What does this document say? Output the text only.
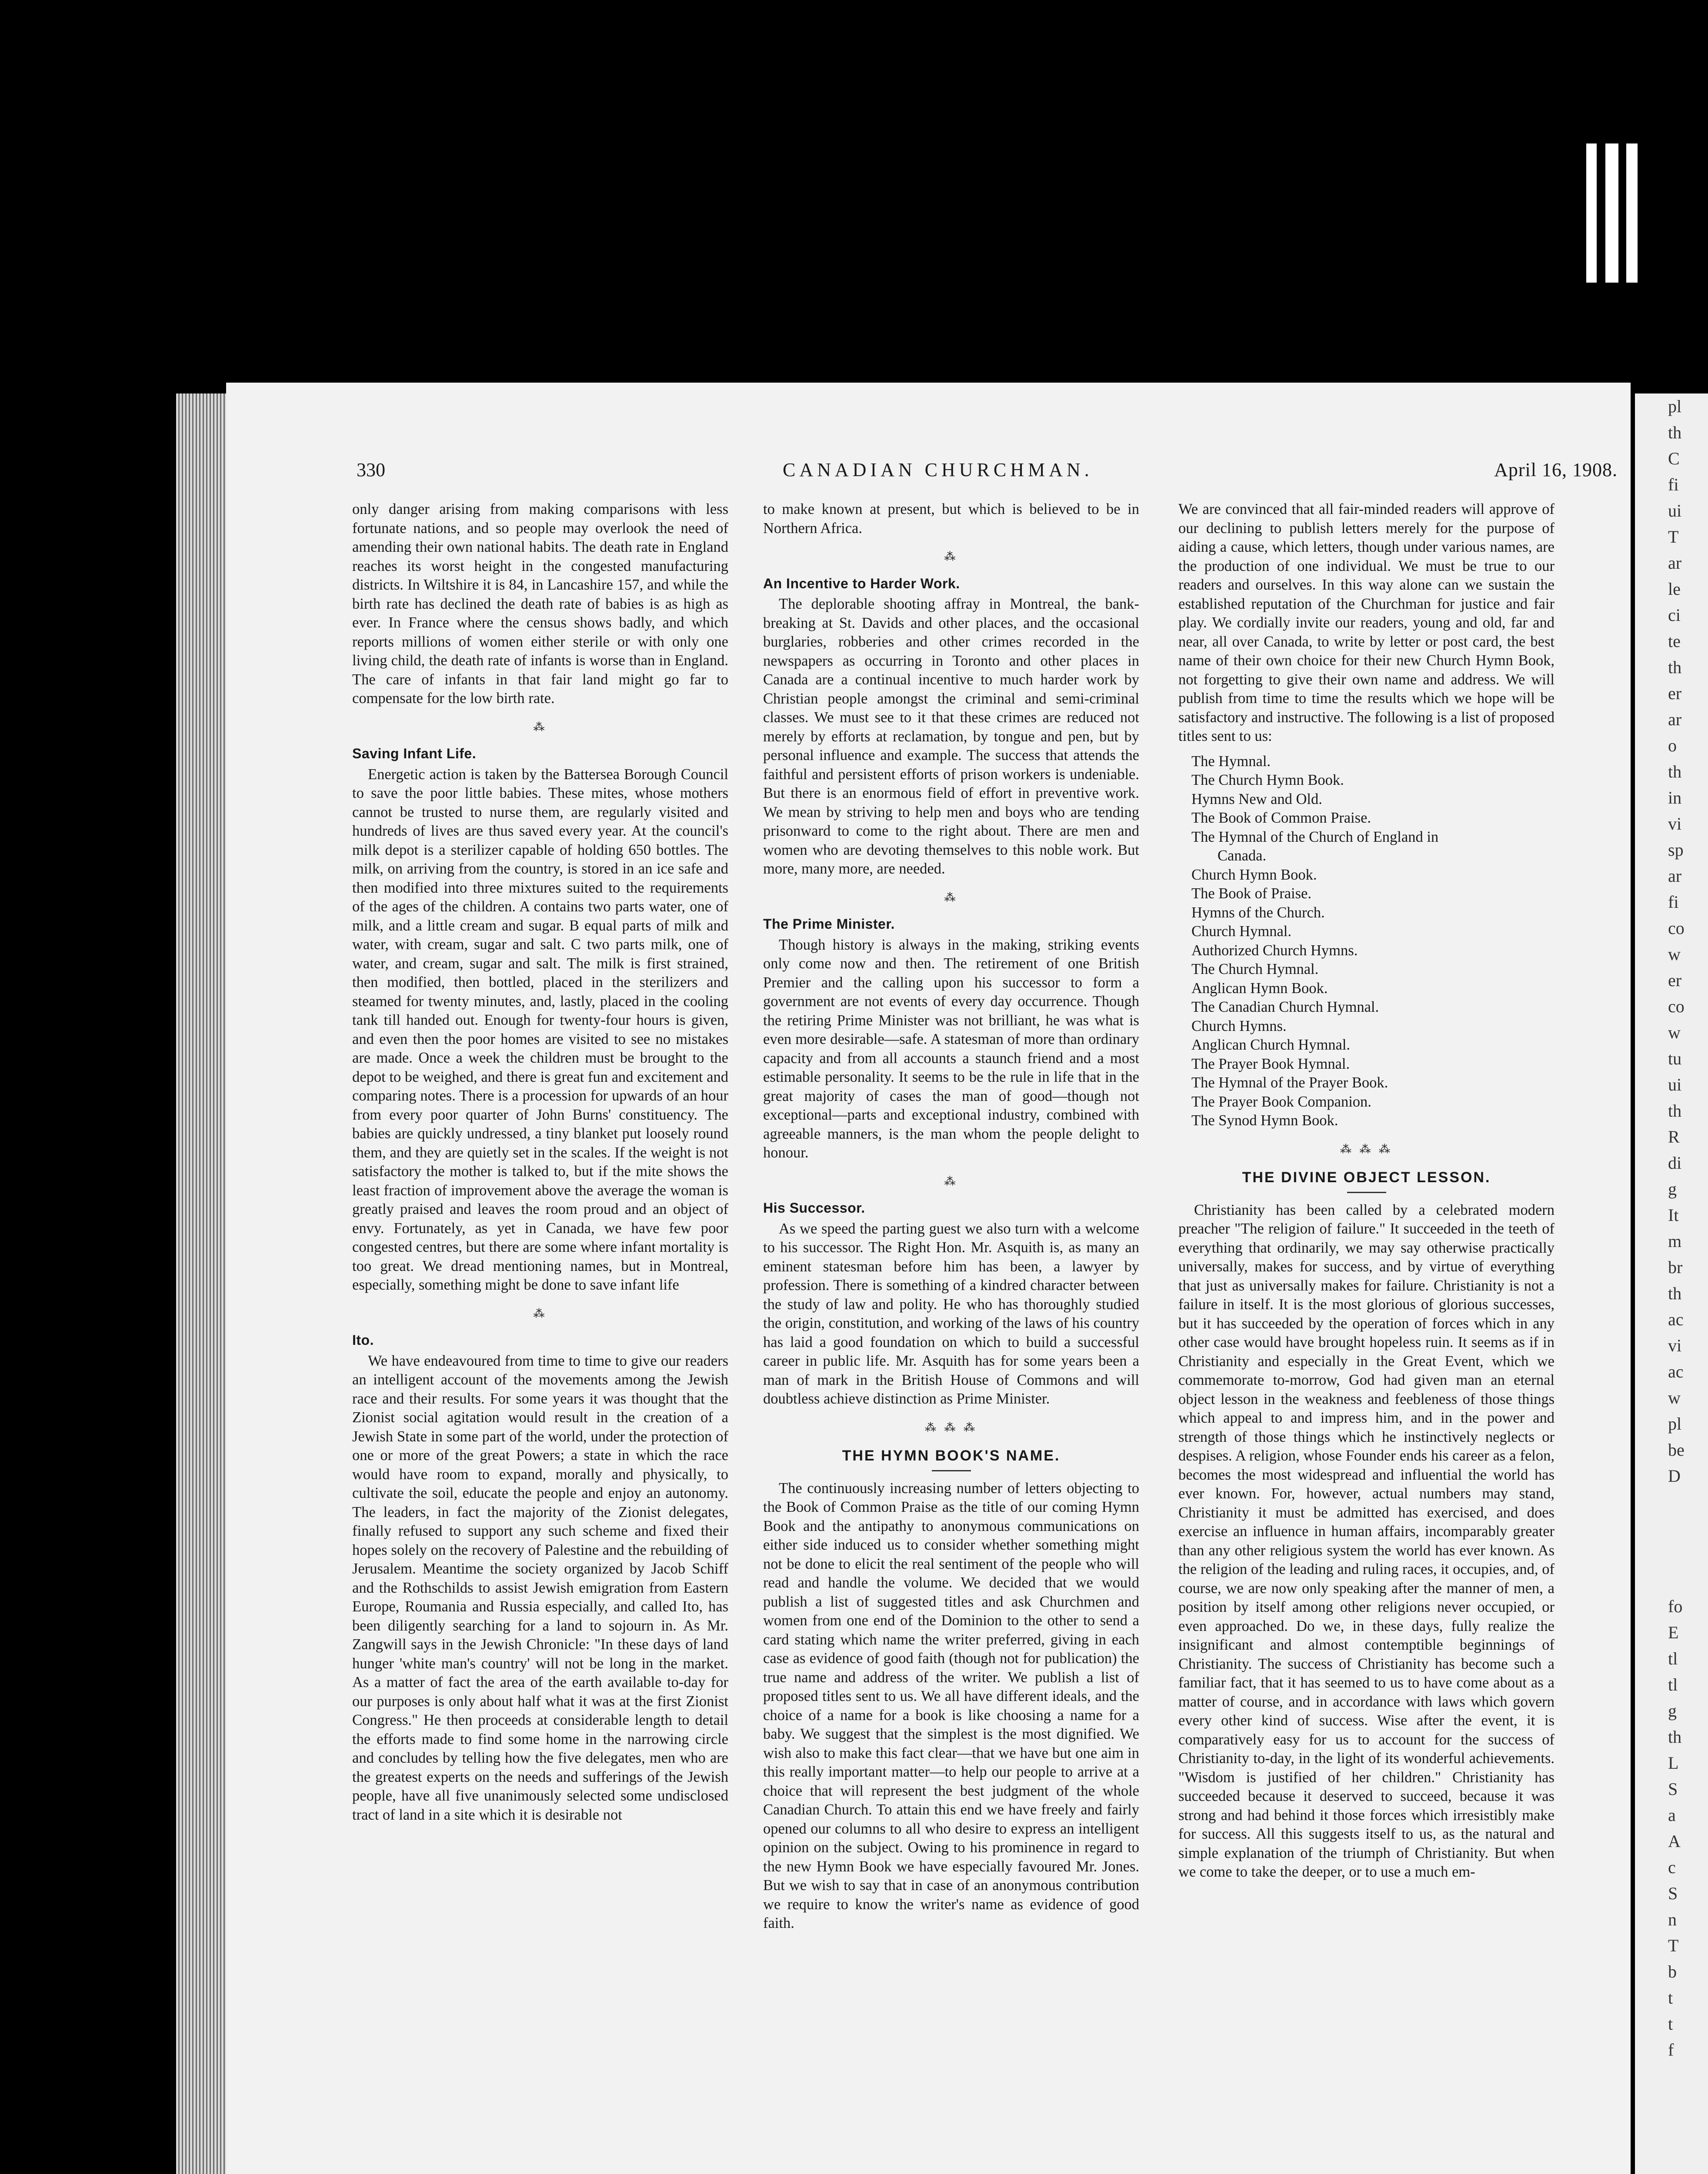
pl
th
C
fi
ui
T
ar
le
ci
te
th
er
ar
o
th
in
vi
sp
ar
fi
co
w
er
co
w
tu
ui
th
R
di
g
It
m
br
th
ac
vi
ac
w
pl
be
D

fo
E
tl
tl
g
th
L
S
a
A
c
S
n
T
b
t
t
f
330	CANADIAN CHURCHMAN.	April 16, 1908.

only danger arising from making comparisons with less fortunate nations, and so people may overlook the need of amending their own national habits. The death rate in England reaches its worst height in the congested manufacturing districts. In Wiltshire it is 84, in Lancashire 157, and while the birth rate has declined the death rate of babies is as high as ever. In France where the census shows badly, and which reports millions of women either sterile or with only one living child, the death rate of infants is worse than in England. The care of infants in that fair land might go far to compensate for the low birth rate.

⁂
Saving Infant Life.

Energetic action is taken by the Battersea Borough Council to save the poor little babies. These mites, whose mothers cannot be trusted to nurse them, are regularly visited and hundreds of lives are thus saved every year. At the council's milk depot is a sterilizer capable of holding 650 bottles. The milk, on arriving from the country, is stored in an ice safe and then modified into three mixtures suited to the requirements of the ages of the children. A contains two parts water, one of milk, and a little cream and sugar. B equal parts of milk and water, with cream, sugar and salt. C two parts milk, one of water, and cream, sugar and salt. The milk is first strained, then modified, then bottled, placed in the sterilizers and steamed for twenty minutes, and, lastly, placed in the cooling tank till handed out. Enough for twenty-four hours is given, and even then the poor homes are visited to see no mistakes are made. Once a week the children must be brought to the depot to be weighed, and there is great fun and excitement and comparing notes. There is a procession for upwards of an hour from every poor quarter of John Burns' constituency. The babies are quickly undressed, a tiny blanket put loosely round them, and they are quietly set in the scales. If the weight is not satisfactory the mother is talked to, but if the mite shows the least fraction of improvement above the average the woman is greatly praised and leaves the room proud and an object of envy. Fortunately, as yet in Canada, we have few poor congested centres, but there are some where infant mortality is too great. We dread mentioning names, but in Montreal, especially, something might be done to save infant life

⁂
Ito.

We have endeavoured from time to time to give our readers an intelligent account of the movements among the Jewish race and their results. For some years it was thought that the Zionist social agitation would result in the creation of a Jewish State in some part of the world, under the protection of one or more of the great Powers; a state in which the race would have room to expand, morally and physically, to cultivate the soil, educate the people and enjoy an autonomy. The leaders, in fact the majority of the Zionist delegates, finally refused to support any such scheme and fixed their hopes solely on the recovery of Palestine and the rebuilding of Jerusalem. Meantime the society organized by Jacob Schiff and the Rothschilds to assist Jewish emigration from Eastern Europe, Roumania and Russia especially, and called Ito, has been diligently searching for a land to sojourn in. As Mr. Zangwill says in the Jewish Chronicle: "In these days of land hunger 'white man's country' will not be long in the market. As a matter of fact the area of the earth available to-day for our purposes is only about half what it was at the first Zionist Congress." He then proceeds at considerable length to detail the efforts made to find some home in the narrowing circle and concludes by telling how the five delegates, men who are the greatest experts on the needs and sufferings of the Jewish people, have all five unanimously selected some undisclosed tract of land in a site which it is desirable not

to make known at present, but which is believed to be in Northern Africa.

⁂
An Incentive to Harder Work.

The deplorable shooting affray in Montreal, the bank-breaking at St. Davids and other places, and the occasional burglaries, robberies and other crimes recorded in the newspapers as occurring in Toronto and other places in Canada are a continual incentive to much harder work by Christian people amongst the criminal and semi-criminal classes. We must see to it that these crimes are reduced not merely by efforts at reclamation, by tongue and pen, but by personal influence and example. The success that attends the faithful and persistent efforts of prison workers is undeniable. But there is an enormous field of effort in preventive work. We mean by striving to help men and boys who are tending prisonward to come to the right about. There are men and women who are devoting themselves to this noble work. But more, many more, are needed.

⁂
The Prime Minister.

Though history is always in the making, striking events only come now and then. The retirement of one British Premier and the calling upon his successor to form a government are not events of every day occurrence. Though the retiring Prime Minister was not brilliant, he was what is even more desirable—safe. A statesman of more than ordinary capacity and from all accounts a staunch friend and a most estimable personality. It seems to be the rule in life that in the great majority of cases the man of good—though not exceptional—parts and exceptional industry, combined with agreeable manners, is the man whom the people delight to honour.

⁂
His Successor.

As we speed the parting guest we also turn with a welcome to his successor. The Right Hon. Mr. Asquith is, as many an eminent statesman before him has been, a lawyer by profession. There is something of a kindred character between the study of law and polity. He who has thoroughly studied the origin, constitution, and working of the laws of his country has laid a good foundation on which to build a successful career in public life. Mr. Asquith has for some years been a man of mark in the British House of Commons and will doubtless achieve distinction as Prime Minister.

⁂ ⁂ ⁂
THE HYMN BOOK'S NAME.

The continuously increasing number of letters objecting to the Book of Common Praise as the title of our coming Hymn Book and the antipathy to anonymous communications on either side induced us to consider whether something might not be done to elicit the real sentiment of the people who will read and handle the volume. We decided that we would publish a list of suggested titles and ask Churchmen and women from one end of the Dominion to the other to send a card stating which name the writer preferred, giving in each case as evidence of good faith (though not for publication) the true name and address of the writer. We publish a list of proposed titles sent to us. We all have different ideals, and the choice of a name for a book is like choosing a name for a baby. We suggest that the simplest is the most dignified. We wish also to make this fact clear—that we have but one aim in this really important matter—to help our people to arrive at a choice that will represent the best judgment of the whole Canadian Church. To attain this end we have freely and fairly opened our columns to all who desire to express an intelligent opinion on the subject. Owing to his prominence in regard to the new Hymn Book we have especially favoured Mr. Jones. But we wish to say that in case of an anonymous contribution we require to know the writer's name as evidence of good faith.

We are convinced that all fair-minded readers will approve of our declining to publish letters merely for the purpose of aiding a cause, which letters, though under various names, are the production of one individual. We must be true to our readers and ourselves. In this way alone can we sustain the established reputation of the Churchman for justice and fair play. We cordially invite our readers, young and old, far and near, all over Canada, to write by letter or post card, the best name of their own choice for their new Church Hymn Book, not forgetting to give their own name and address. We will publish from time to time the results which we hope will be satisfactory and instructive. The following is a list of proposed titles sent to us:

The Hymnal.
The Church Hymn Book.
Hymns New and Old.
The Book of Common Praise.
The Hymnal of the Church of England in
Canada.
Church Hymn Book.
The Book of Praise.
Hymns of the Church.
Church Hymnal.
Authorized Church Hymns.
The Church Hymnal.
Anglican Hymn Book.
The Canadian Church Hymnal.
Church Hymns.
Anglican Church Hymnal.
The Prayer Book Hymnal.
The Hymnal of the Prayer Book.
The Prayer Book Companion.
The Synod Hymn Book.
⁂ ⁂ ⁂
THE DIVINE OBJECT LESSON.

Christianity has been called by a celebrated modern preacher "The religion of failure." It succeeded in the teeth of everything that ordinarily, we may say otherwise practically universally, makes for success, and by virtue of everything that just as universally makes for failure. Christianity is not a failure in itself. It is the most glorious of glorious successes, but it has succeeded by the operation of forces which in any other case would have brought hopeless ruin. It seems as if in Christianity and especially in the Great Event, which we commemorate to-morrow, God had given man an eternal object lesson in the weakness and feebleness of those things which appeal to and impress him, and in the power and strength of those things which he instinctively neglects or despises. A religion, whose Founder ends his career as a felon, becomes the most widespread and influential the world has ever known. For, however, actual numbers may stand, Christianity it must be admitted has exercised, and does exercise an influence in human affairs, incomparably greater than any other religious system the world has ever known. As the religion of the leading and ruling races, it occupies, and, of course, we are now only speaking after the manner of men, a position by itself among other religions never occupied, or even approached. Do we, in these days, fully realize the insignificant and almost contemptible beginnings of Christianity. The success of Christianity has become such a familiar fact, that it has seemed to us to have come about as a matter of course, and in accordance with laws which govern every other kind of success. Wise after the event, it is comparatively easy for us to account for the success of Christianity to-day, in the light of its wonderful achievements. "Wisdom is justified of her children." Christianity has succeeded because it deserved to succeed, because it was strong and had behind it those forces which irresistibly make for success. All this suggests itself to us, as the natural and simple explanation of the triumph of Christianity. But when we come to take the deeper, or to use a much em-
